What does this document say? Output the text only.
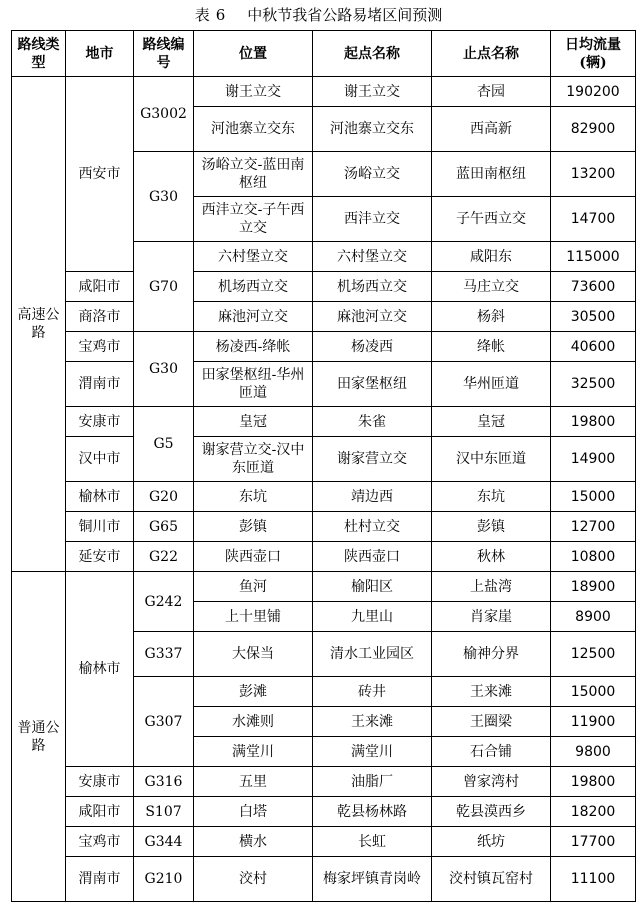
表 6 中秋节我省公路易堵区间预测
路线类型	地市	路线编号	位置	起点名称	止点名称	日均流量(辆)
高速公路	西安市	G3002	谢王立交	谢王立交	杏园	190200
			河池寨立交东	河池寨立交东	西高新	82900
		G30	汤峪立交-蓝田南枢纽	汤峪立交	蓝田南枢纽	13200
			西沣立交-子午西立交	西沣立交	子午西立交	14700
		G70	六村堡立交	六村堡立交	咸阳东	115000
	咸阳市		机场西立交	机场西立交	马庄立交	73600
	商洛市		麻池河立交	麻池河立交	杨斜	30500
	宝鸡市	G30	杨凌西-绛帐	杨凌西	绛帐	40600
	渭南市		田家堡枢纽-华州匝道	田家堡枢纽	华州匝道	32500
	安康市	G5	皇冠	朱雀	皇冠	19800
	汉中市		谢家营立交-汉中东匝道	谢家营立交	汉中东匝道	14900
	榆林市	G20	东坑	靖边西	东坑	15000
	铜川市	G65	彭镇	杜村立交	彭镇	12700
	延安市	G22	陕西壶口	陕西壶口	秋林	10800
普通公路	榆林市	G242	鱼河	榆阳区	上盐湾	18900
			上十里铺	九里山	肖家崖	8900
		G337	大保当	清水工业园区	榆神分界	12500
		G307	彭滩	砖井	王来滩	15000
			水滩则	王来滩	王圈梁	11900
			满堂川	满堂川	石合铺	9800
	安康市	G316	五里	油脂厂	曾家湾村	19800
	咸阳市	S107	白塔	乾县杨林路	乾县漠西乡	18200
	宝鸡市	G344	横水	长虹	纸坊	17700
	渭南市	G210	洨村	梅家坪镇青岗岭	洨村镇瓦窑村	11100
